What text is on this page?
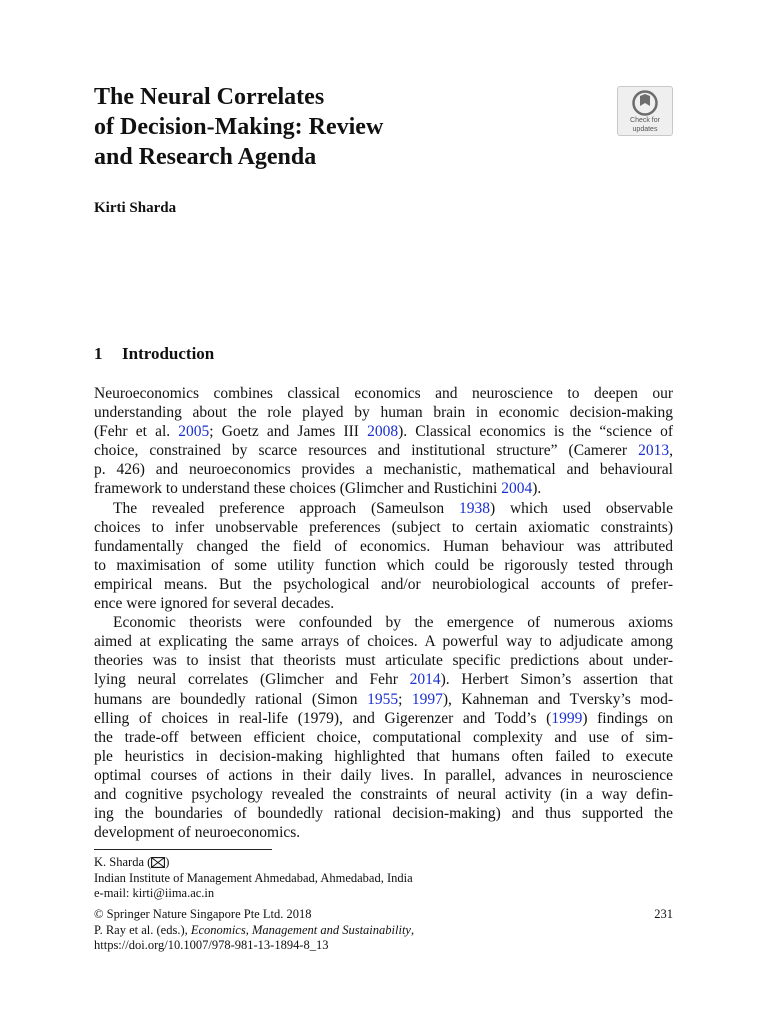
The Neural Correlates
of Decision-Making: Review
and Research Agenda
Check for
updates

Kirti Sharda

1 Introduction
Neuroeconomics combines classical economics and neuroscience to deepen our
understanding about the role played by human brain in economic decision-making
(Fehr et al. 2005; Goetz and James III 2008). Classical economics is the “science of
choice, constrained by scarce resources and institutional structure” (Camerer 2013,
p. 426) and neuroeconomics provides a mechanistic, mathematical and behavioural
framework to understand these choices (Glimcher and Rustichini 2004).
The revealed preference approach (Sameulson 1938) which used observable
choices to infer unobservable preferences (subject to certain axiomatic constraints)
fundamentally changed the field of economics. Human behaviour was attributed
to maximisation of some utility function which could be rigorously tested through
empirical means. But the psychological and/or neurobiological accounts of prefer-
ence were ignored for several decades.
Economic theorists were confounded by the emergence of numerous axioms
aimed at explicating the same arrays of choices. A powerful way to adjudicate among
theories was to insist that theorists must articulate specific predictions about under-
lying neural correlates (Glimcher and Fehr 2014). Herbert Simon’s assertion that
humans are boundedly rational (Simon 1955; 1997), Kahneman and Tversky’s mod-
elling of choices in real-life (1979), and Gigerenzer and Todd’s (1999) findings on
the trade-off between efficient choice, computational complexity and use of sim-
ple heuristics in decision-making highlighted that humans often failed to execute
optimal courses of actions in their daily lives. In parallel, advances in neuroscience
and cognitive psychology revealed the constraints of neural activity (in a way defin-
ing the boundaries of boundedly rational decision-making) and thus supported the
development of neuroeconomics.
K. Sharda ( )
Indian Institute of Management Ahmedabad, Ahmedabad, India
e-mail: kirti@iima.ac.in
231
© Springer Nature Singapore Pte Ltd. 2018
P. Ray et al. (eds.), Economics, Management and Sustainability,
https://doi.org/10.1007/978-981-13-1894-8_13
